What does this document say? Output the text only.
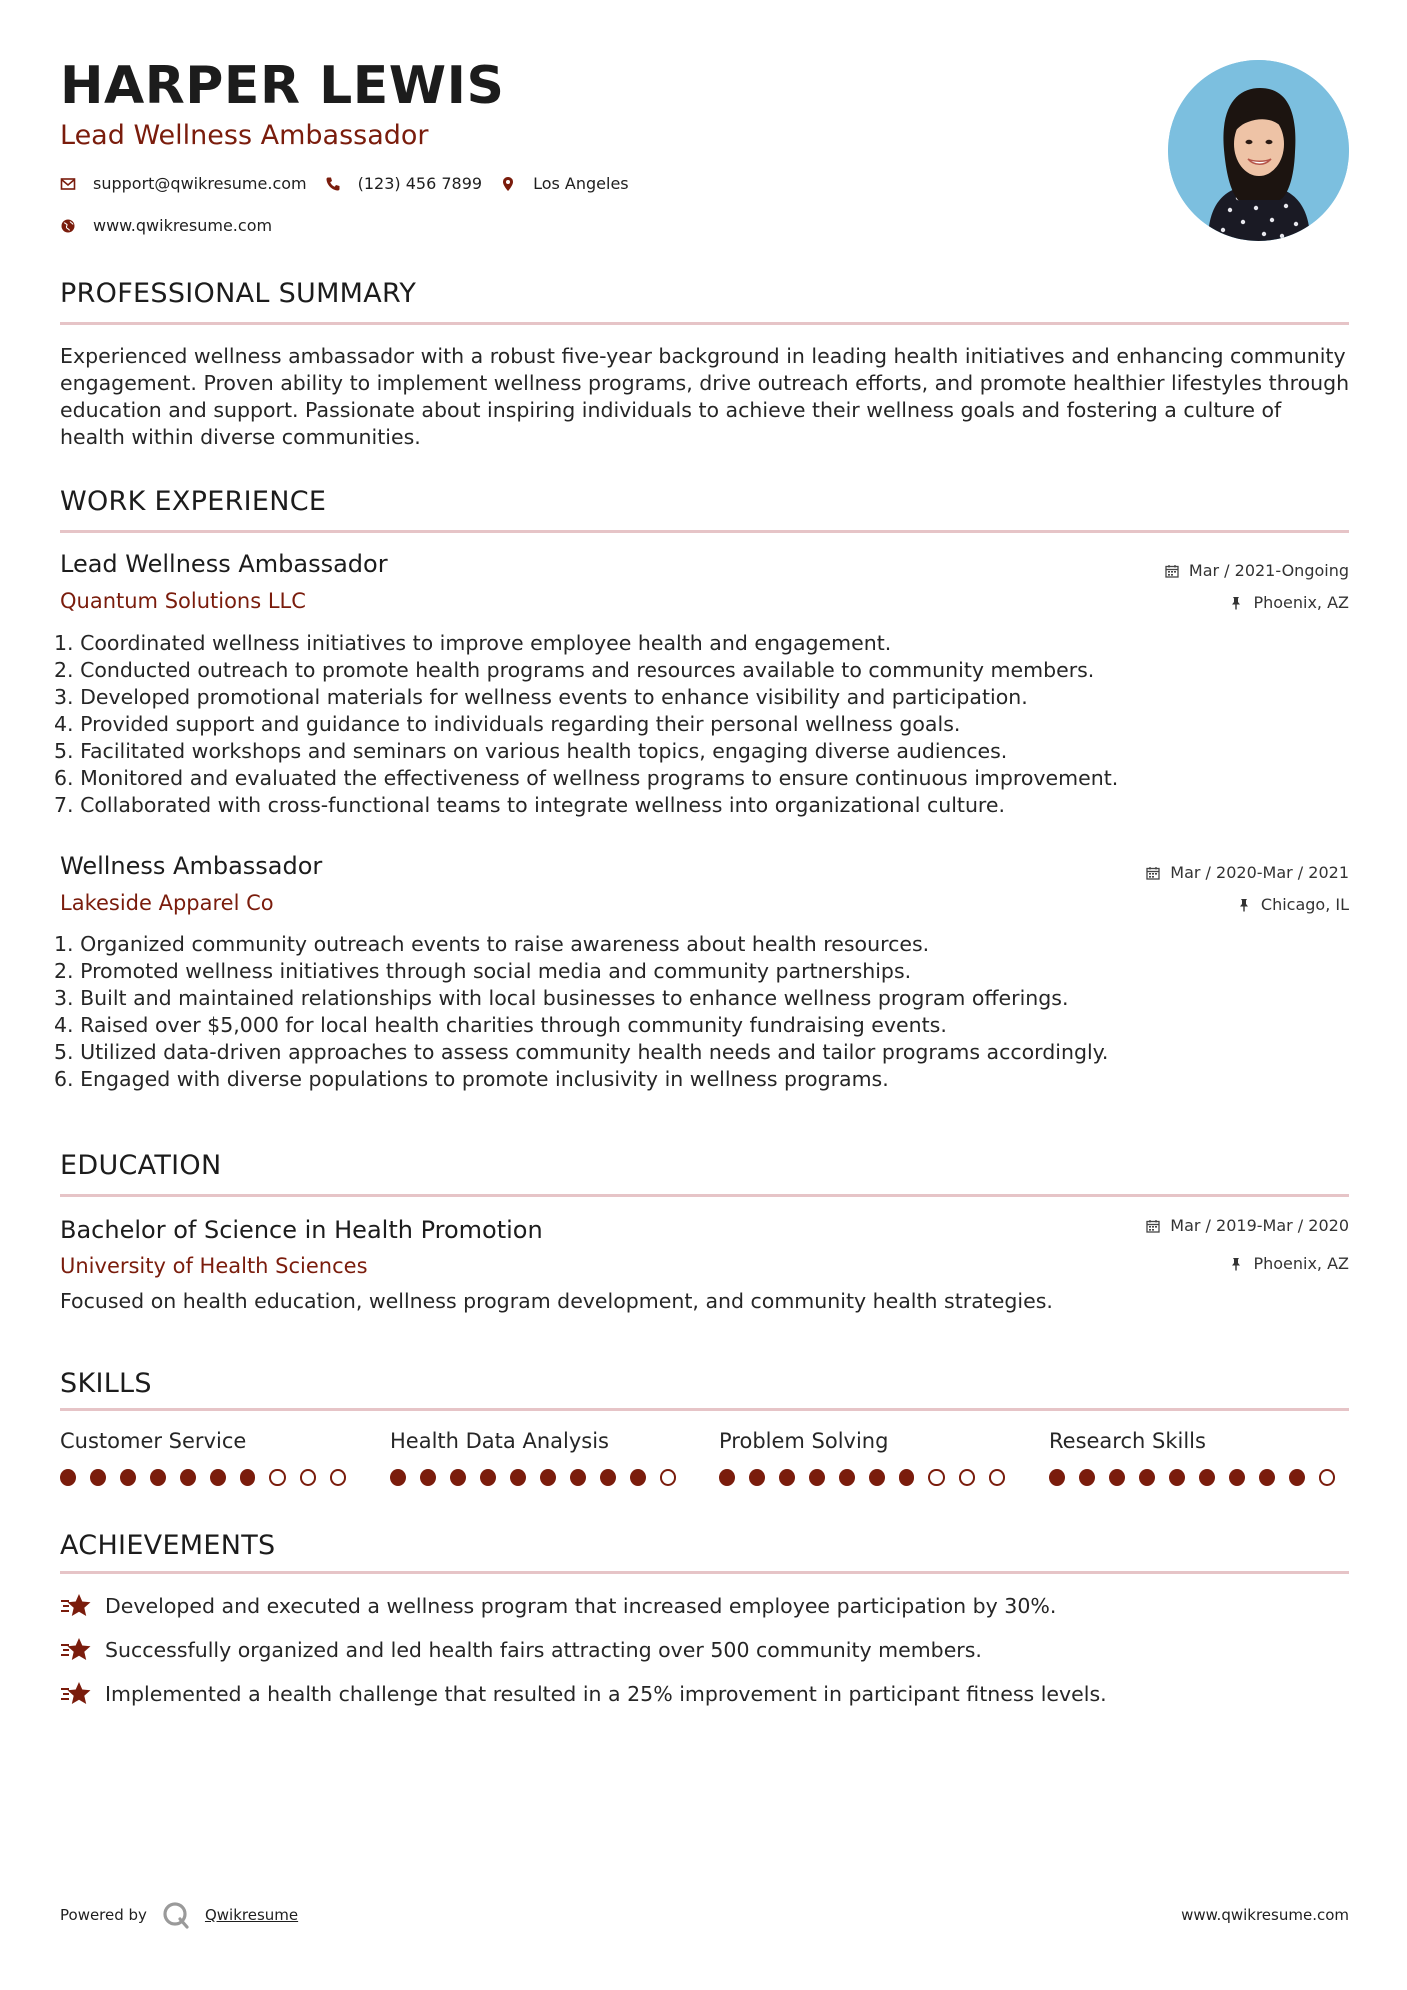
HARPER LEWIS
Lead Wellness Ambassador
support@qwikresume.com	(123) 456 7899	Los Angeles
www.qwikresume.com
PROFESSIONAL SUMMARY
Experienced wellness ambassador with a robust five-year background in leading health initiatives and enhancing community engagement. Proven ability to implement wellness programs, drive outreach efforts, and promote healthier lifestyles through education and support. Passionate about inspiring individuals to achieve their wellness goals and fostering a culture of health within diverse communities.
WORK EXPERIENCE
Lead Wellness Ambassador
Quantum Solutions LLC
Mar / 2021-Ongoing
Phoenix, AZ
1. Coordinated wellness initiatives to improve employee health and engagement.
2. Conducted outreach to promote health programs and resources available to community members.
3. Developed promotional materials for wellness events to enhance visibility and participation.
4. Provided support and guidance to individuals regarding their personal wellness goals.
5. Facilitated workshops and seminars on various health topics, engaging diverse audiences.
6. Monitored and evaluated the effectiveness of wellness programs to ensure continuous improvement.
7. Collaborated with cross-functional teams to integrate wellness into organizational culture.
Wellness Ambassador
Lakeside Apparel Co
Mar / 2020-Mar / 2021
Chicago, IL
1. Organized community outreach events to raise awareness about health resources.
2. Promoted wellness initiatives through social media and community partnerships.
3. Built and maintained relationships with local businesses to enhance wellness program offerings.
4. Raised over $5,000 for local health charities through community fundraising events.
5. Utilized data-driven approaches to assess community health needs and tailor programs accordingly.
6. Engaged with diverse populations to promote inclusivity in wellness programs.
EDUCATION
Bachelor of Science in Health Promotion
University of Health Sciences
Mar / 2019-Mar / 2020
Phoenix, AZ
Focused on health education, wellness program development, and community health strategies.
SKILLS
Customer Service	Health Data Analysis	Problem Solving	Research Skills
ACHIEVEMENTS
Developed and executed a wellness program that increased employee participation by 30%.
Successfully organized and led health fairs attracting over 500 community members.
Implemented a health challenge that resulted in a 25% improvement in participant fitness levels.
Powered by	Qwikresume	www.qwikresume.com
